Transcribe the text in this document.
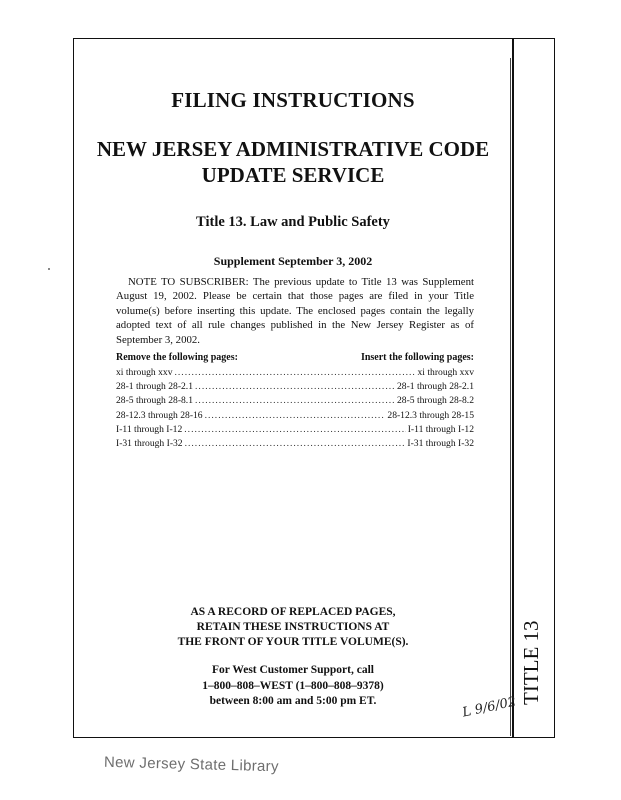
FILING INSTRUCTIONS
NEW JERSEY ADMINISTRATIVE CODE UPDATE SERVICE
Title 13. Law and Public Safety
Supplement September 3, 2002

NOTE TO SUBSCRIBER: The previous update to Title 13 was Supplement August 19, 2002. Please be certain that those pages are filed in your Title volume(s) before inserting this update. The enclosed pages contain the legally adopted text of all rule changes published in the New Jersey Register as of September 3, 2002.

Remove the following pages:	Insert the following pages:
xi through xxv .....	xi through xxv
28-1 through 28-2.1 .....	28-1 through 28-2.1
28-5 through 28-8.1 .....	28-5 through 28-8.2
28-12.3 through 28-16 .....	28-12.3 through 28-15
I-11 through I-12 .....	I-11 through I-12
I-31 through I-32 .....	I-31 through I-32
AS A RECORD OF REPLACED PAGES,
RETAIN THESE INSTRUCTIONS AT
THE FRONT OF YOUR TITLE VOLUME(S).
For West Customer Support, call
1–800–808–WEST (1–800–808–9378)
between 8:00 am and 5:00 pm ET.	TITLE 13
L 9/6/02
New Jersey State Library
